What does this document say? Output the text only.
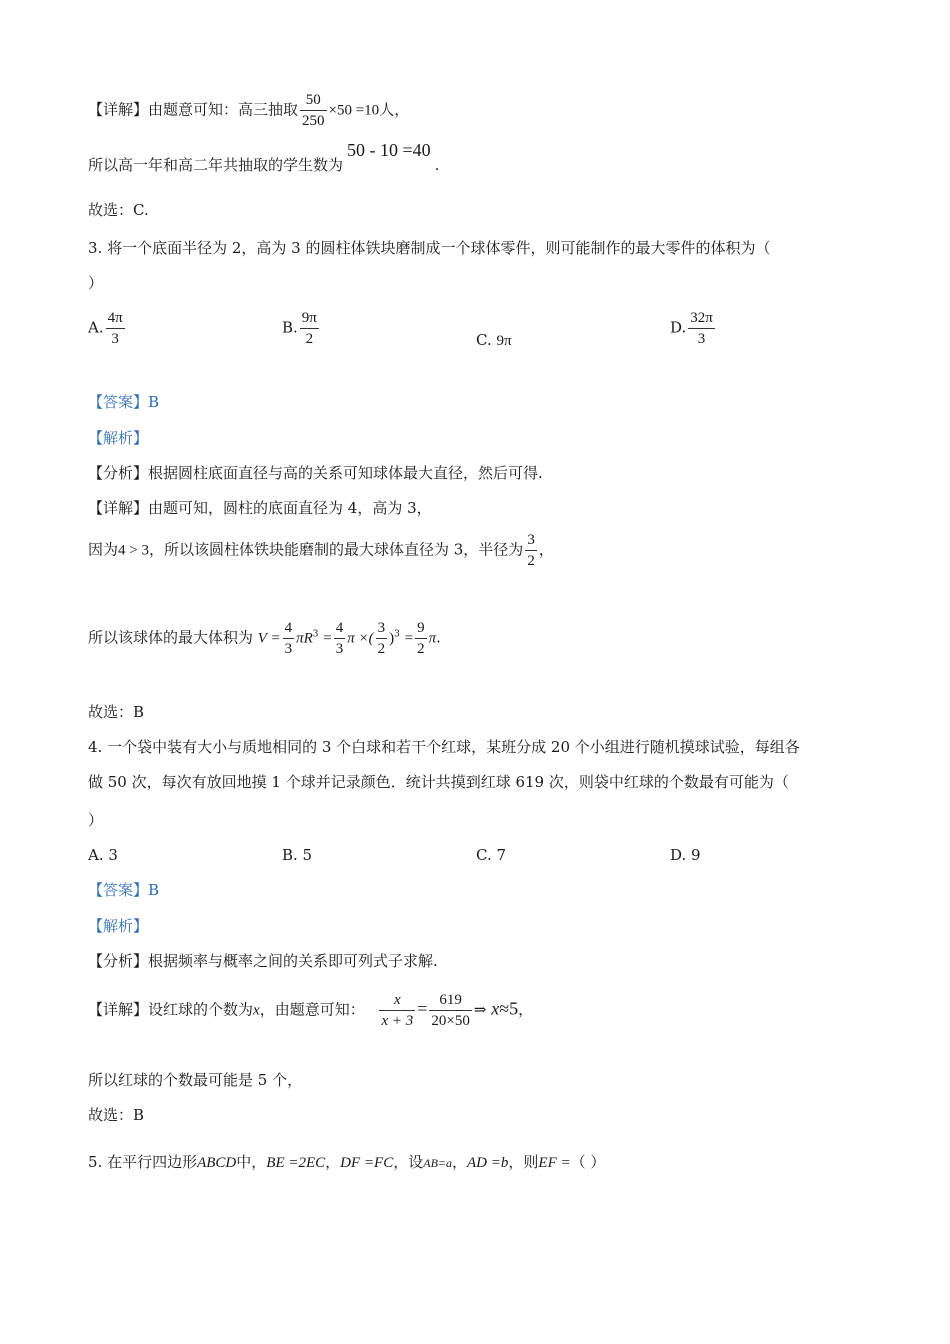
【详解】由题意可知：高三抽取 $\frac{50}{250} \times 50 =10$人，
所以高一年和高二年共抽取的学生数为50 - 10 =40.
故选：C.
3. 将一个底面半径为 2，高为 3 的圆柱体铁块磨制成一个球体零件，则可能制作的最大零件的体积为（
）
A. $\frac{4\pi}{3}$	B. $\frac{9\pi}{2}$	C. 9π
D. $\frac{32\pi}{3}$
【答案】B
【解析】
【分析】根据圆柱底面直径与高的关系可知球体最大直径，然后可得.
【详解】由题可知，圆柱的底面直径为 4，高为 3，
因为4 > 3，所以该圆柱体铁块能磨制的最大球体直径为 3，半径为 $\frac{3}{2}$ ，
所以该球体的最大体积为 $V = \frac{4}{3} \pi R^3 = \frac{4}{3}$ π ×( $\frac{3}{2} )^3 = \frac{9}{2} \pi$.
故选：B
4. 一个袋中装有大小与质地相同的 3 个白球和若干个红球，某班分成 20 个小组进行随机摸球试验，每组各
做 50 次，每次有放回地摸 1 个球并记录颜色．统计共摸到红球 619 次，则袋中红球的个数最有可能为（
）
A. 3	B. 5	C. 7	D. 9
【答案】B
【解析】
【分析】根据频率与概率之间的关系即可列式子求解.
【详解】设红球的个数为x，由题意可知： $\frac{x}{x + 3} = \frac{619}{20\times 50}$ ⇒ x≈5，
所以红球的个数最可能是 5 个，
故选：B
5. 在平行四边形ABCD中，BE =2EC，DF =FC，设AB=a，AD =b，则EF =（ ）
